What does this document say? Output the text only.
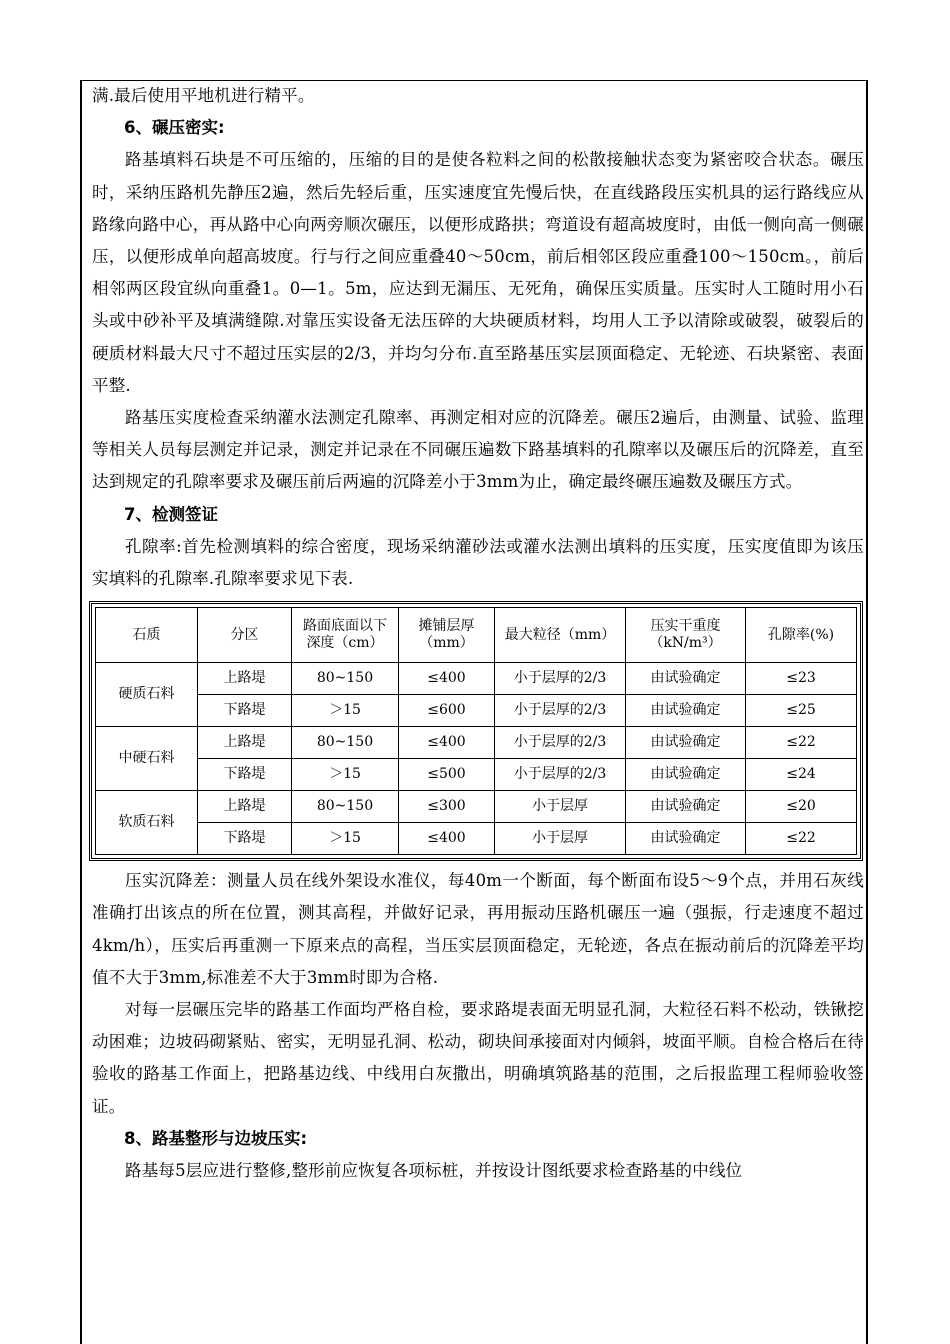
满.最后使用平地机进行精平。

6、碾压密实:

路基填料石块是不可压缩的，压缩的目的是使各粒料之间的松散接触状态变为紧密咬合状态。碾压时，采纳压路机先静压2遍，然后先轻后重，压实速度宜先慢后快，在直线路段压实机具的运行路线应从路缘向路中心，再从路中心向两旁顺次碾压，以便形成路拱；弯道设有超高坡度时，由低一侧向高一侧碾压，以便形成单向超高坡度。行与行之间应重叠40～50cm，前后相邻区段应重叠100～150cm。，前后相邻两区段宜纵向重叠1。0—1。5m，应达到无漏压、无死角，确保压实质量。压实时人工随时用小石头或中砂补平及填满缝隙.对靠压实设备无法压碎的大块硬质材料，均用人工予以清除或破裂，破裂后的硬质材料最大尺寸不超过压实层的2/3，并均匀分布.直至路基压实层顶面稳定、无轮迹、石块紧密、表面平整.

路基压实度检查采纳灌水法测定孔隙率、再测定相对应的沉降差。碾压2遍后，由测量、试验、监理等相关人员每层测定并记录，测定并记录在不同碾压遍数下路基填料的孔隙率以及碾压后的沉降差，直至达到规定的孔隙率要求及碾压前后两遍的沉降差小于3mm为止，确定最终碾压遍数及碾压方式。

7、检测签证

孔隙率:首先检测填料的综合密度，现场采纳灌砂法或灌水法测出填料的压实度，压实度值即为该压实填料的孔隙率.孔隙率要求见下表.

石质	分区	路面底面以下深度（cm）	摊铺层厚（mm）	最大粒径（mm）	压实干重度（kN/m³）	孔隙率(%)
硬质石料	上路堤	80~150	≤400	小于层厚的2/3	由试验确定	≤23
	下路堤	＞15	≤600	小于层厚的2/3	由试验确定	≤25
中硬石料	上路堤	80~150	≤400	小于层厚的2/3	由试验确定	≤22
	下路堤	＞15	≤500	小于层厚的2/3	由试验确定	≤24
软质石料	上路堤	80~150	≤300	小于层厚	由试验确定	≤20
	下路堤	＞15	≤400	小于层厚	由试验确定	≤22

压实沉降差：测量人员在线外架设水准仪，每40m一个断面，每个断面布设5～9个点，并用石灰线准确打出该点的所在位置，测其高程，并做好记录，再用振动压路机碾压一遍（强振，行走速度不超过4km/h），压实后再重测一下原来点的高程，当压实层顶面稳定，无轮迹，各点在振动前后的沉降差平均值不大于3mm,标准差不大于3mm时即为合格.

对每一层碾压完毕的路基工作面均严格自检，要求路堤表面无明显孔洞，大粒径石料不松动，铁锹挖动困难；边坡码砌紧贴、密实，无明显孔洞、松动，砌块间承接面对内倾斜，坡面平顺。自检合格后在待验收的路基工作面上，把路基边线、中线用白灰撒出，明确填筑路基的范围，之后报监理工程师验收签证。

8、路基整形与边坡压实:

路基每5层应进行整修,整形前应恢复各项标桩，并按设计图纸要求检查路基的中线位
